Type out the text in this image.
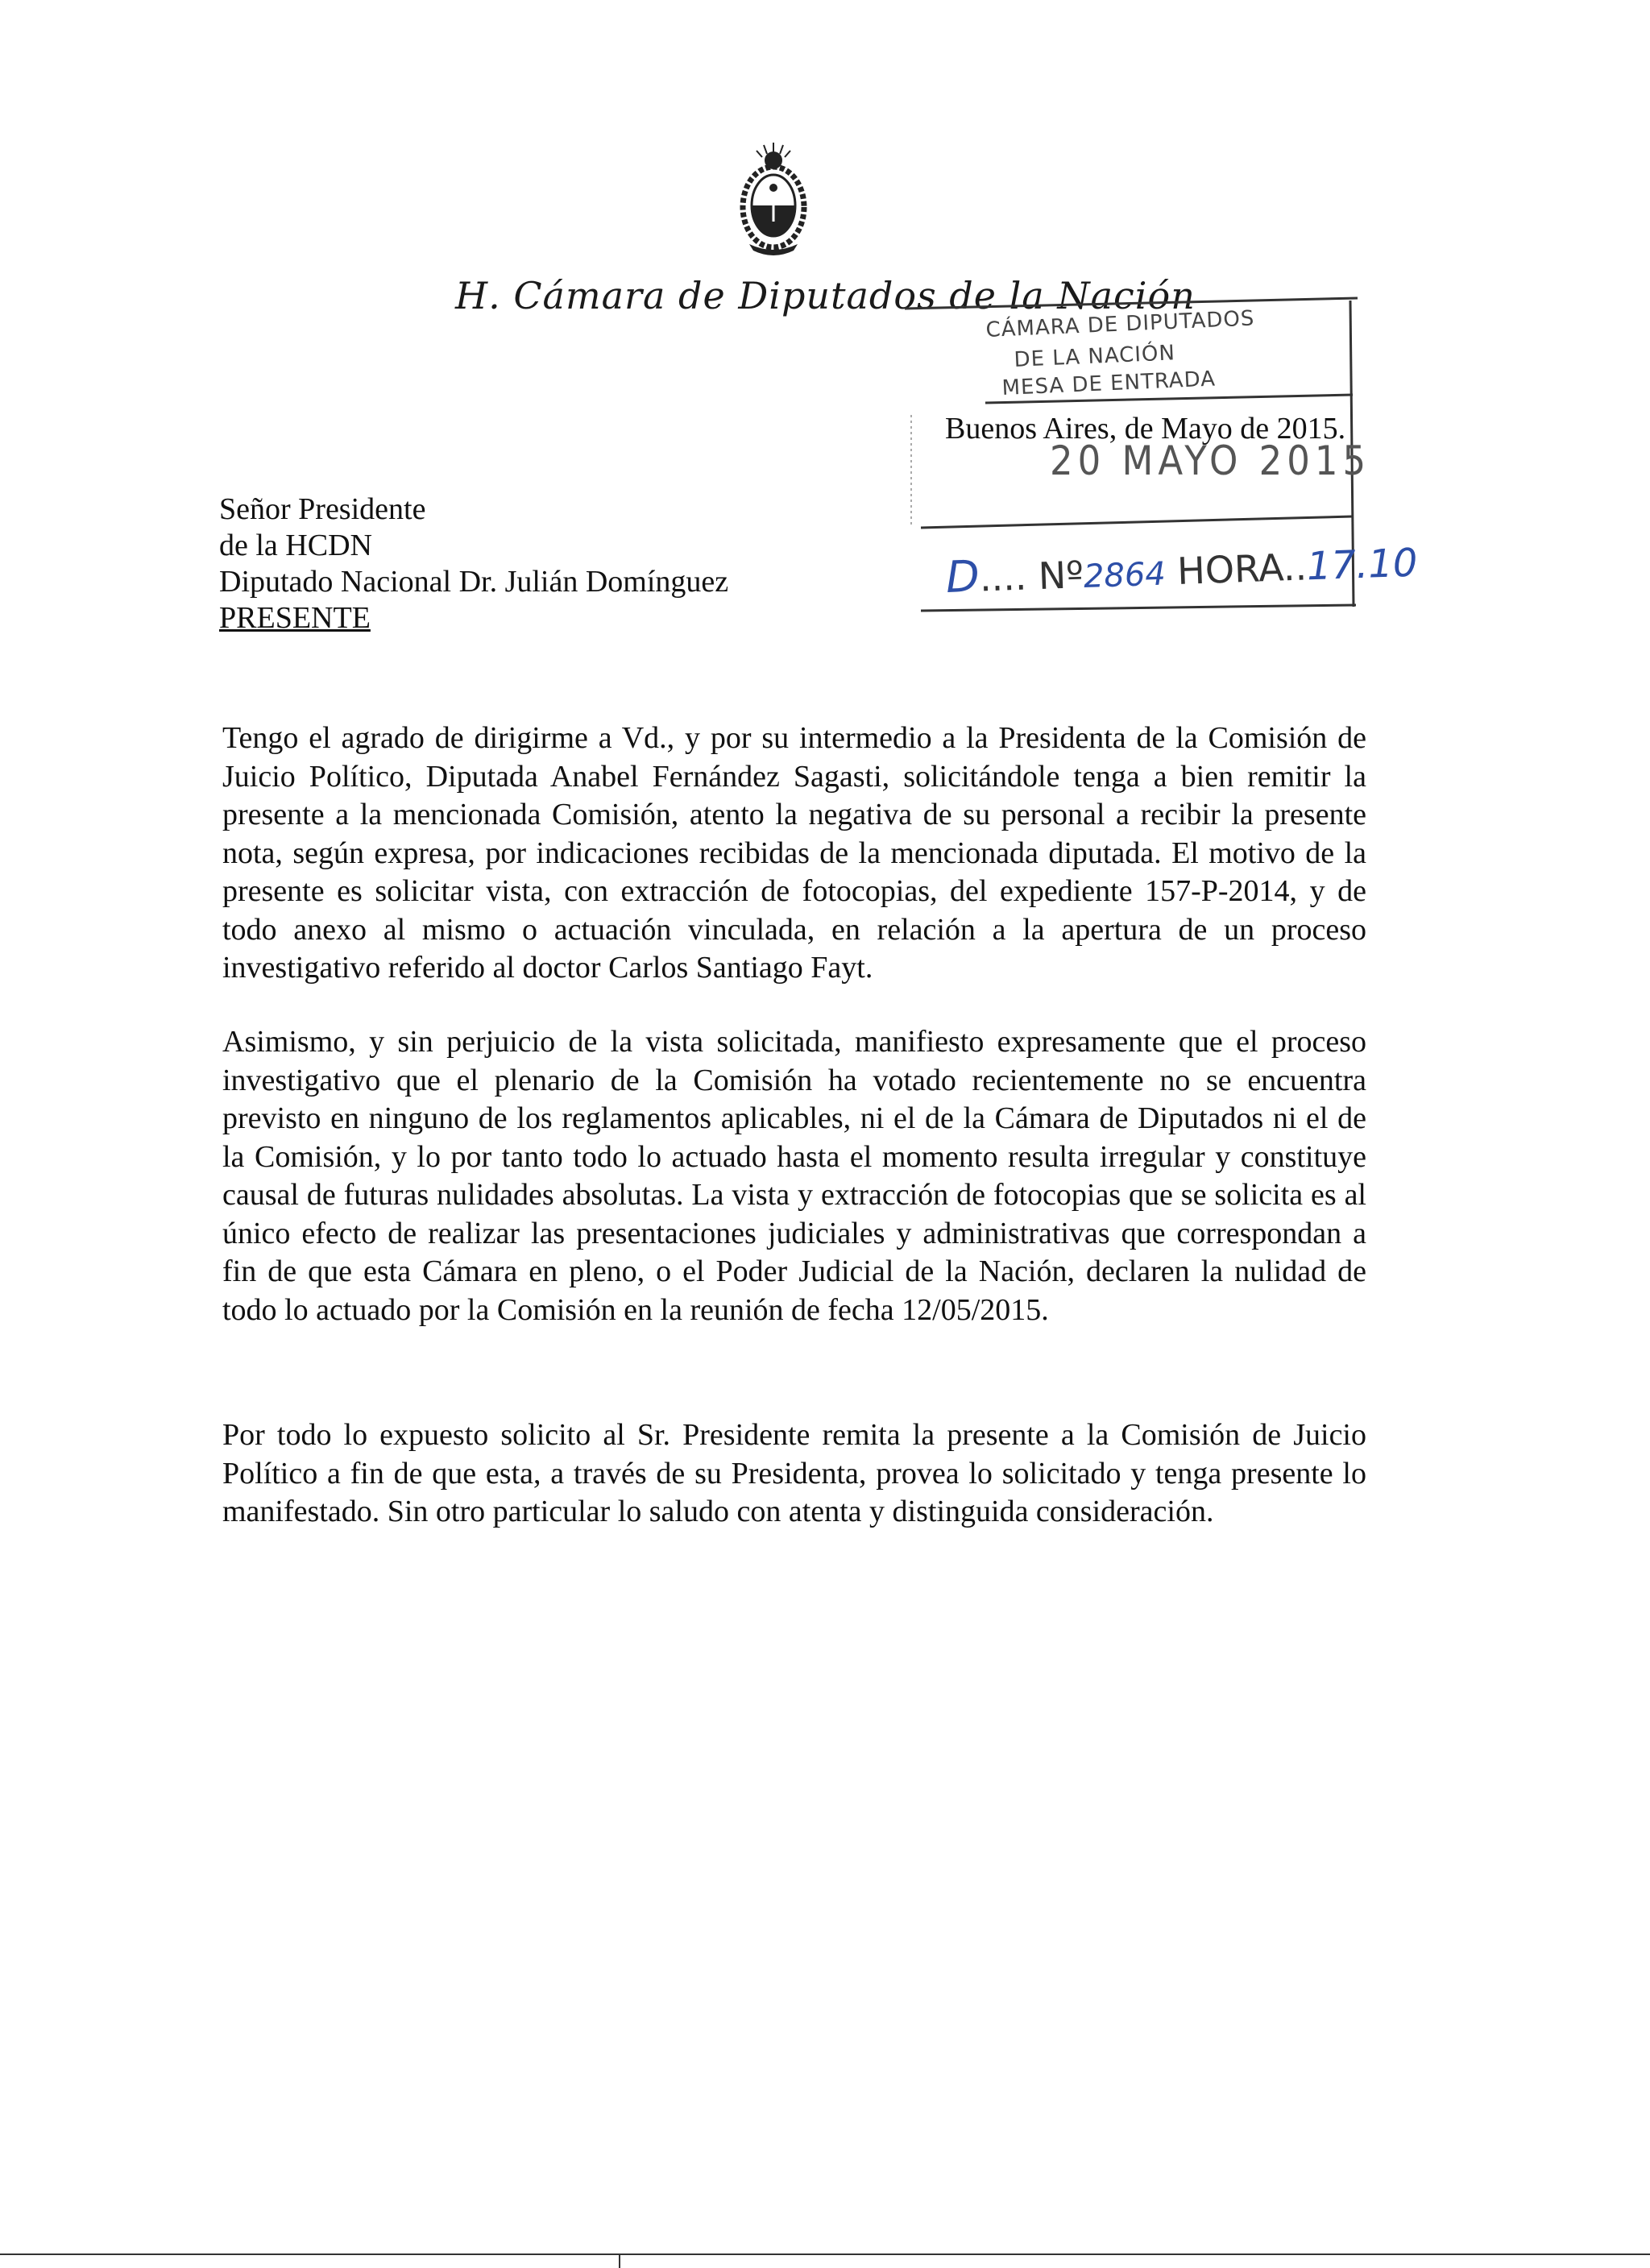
H. Cámara de Diputados de la Nación
CÁMARA DE DIPUTADOS
DE LA NACIÓN
MESA DE ENTRADA
20 MAYO 2015
D.... Nº2864 HORA..17.10
Buenos Aires, de Mayo de 2015.
Señor Presidente
de la HCDN
Diputado Nacional Dr. Julián Domínguez
PRESENTE

Tengo el agrado de dirigirme a Vd., y por su intermedio a la Presidenta de la Comisión de Juicio Político, Diputada Anabel Fernández Sagasti, solicitándole tenga a bien remitir la presente a la mencionada Comisión, atento la negativa de su personal a recibir la presente nota, según expresa, por indicaciones recibidas de la mencionada diputada. El motivo de la presente es solicitar vista, con extracción de fotocopias, del expediente 157-P-2014, y de todo anexo al mismo o actuación vinculada, en relación a la apertura de un proceso investigativo referido al doctor Carlos Santiago Fayt.

Asimismo, y sin perjuicio de la vista solicitada, manifiesto expresamente que el proceso investigativo que el plenario de la Comisión ha votado recientemente no se encuentra previsto en ninguno de los reglamentos aplicables, ni el de la Cámara de Diputados ni el de la Comisión, y lo por tanto todo lo actuado hasta el momento resulta irregular y constituye causal de futuras nulidades absolutas. La vista y extracción de fotocopias que se solicita es al único efecto de realizar las presentaciones judiciales y administrativas que correspondan a fin de que esta Cámara en pleno, o el Poder Judicial de la Nación, declaren la nulidad de todo lo actuado por la Comisión en la reunión de fecha 12/05/2015.

Por todo lo expuesto solicito al Sr. Presidente remita la presente a la Comisión de Juicio Político a fin de que esta, a través de su Presidenta, provea lo solicitado y tenga presente lo manifestado. Sin otro particular lo saludo con atenta y distinguida consideración.
